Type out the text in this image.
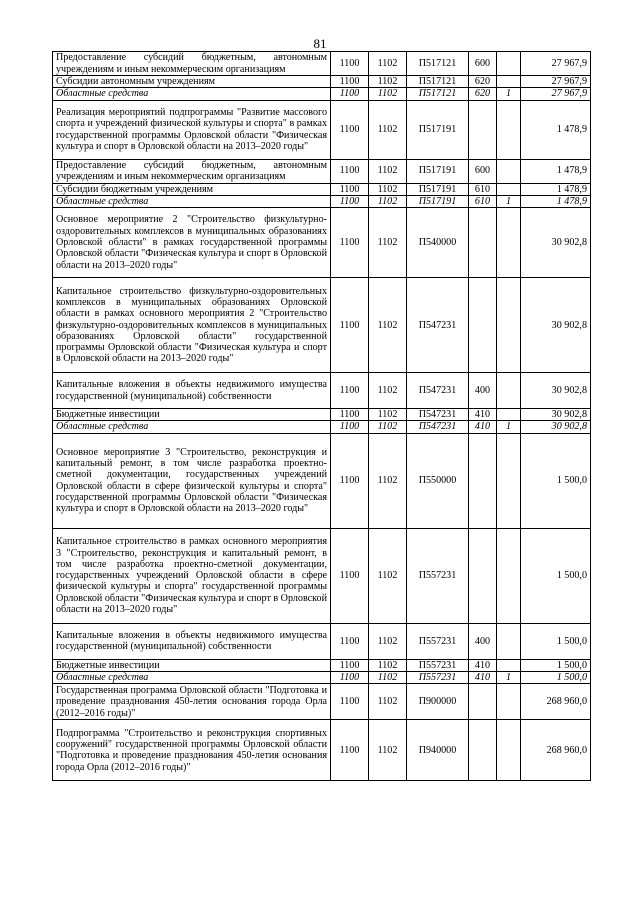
81
Предоставление субсидий бюджетным, автономным учреждениям и иным некоммерческим организациям	1100	1102	П517121	600		27 967,9
Субсидии автономным учреждениям	1100	1102	П517121	620		27 967,9
Областные средства	1100	1102	П517121	620	1	27 967,9
Реализация мероприятий подпрограммы "Развитие массового спорта и учреждений физической культуры и спорта" в рамках государственной программы Орловской области "Физическая культура и спорт в Орловской области на 2013–2020 годы"	1100	1102	П517191			1 478,9
Предоставление субсидий бюджетным, автономным учреждениям и иным некоммерческим организациям	1100	1102	П517191	600		1 478,9
Субсидии бюджетным учреждениям	1100	1102	П517191	610		1 478,9
Областные средства	1100	1102	П517191	610	1	1 478,9
Основное мероприятие 2 "Строительство физкультурно-оздоровительных комплексов в муниципальных образованиях Орловской области" в рамках государственной программы Орловской области "Физическая культура и спорт в Орловской области на 2013–2020 годы"	1100	1102	П540000			30 902,8
Капитальное строительство физкультурно-оздоровительных комплексов в муниципальных образованиях Орловской области в рамках основного мероприятия 2 "Строительство физкультурно-оздоровительных комплексов в муниципальных образованиях Орловской области" государственной программы Орловской области "Физическая культура и спорт в Орловской области на 2013–2020 годы"	1100	1102	П547231			30 902,8
Капитальные вложения в объекты недвижимого имущества государственной (муниципальной) собственности	1100	1102	П547231	400		30 902,8
Бюджетные инвестиции	1100	1102	П547231	410		30 902,8
Областные средства	1100	1102	П547231	410	1	30 902,8
Основное мероприятие 3 "Строительство, реконструкция и капитальный ремонт, в том числе разработка проектно-сметной документации, государственных учреждений Орловской области в сфере физической культуры и спорта" государственной программы Орловской области "Физическая культура и спорт в Орловской области на 2013–2020 годы"	1100	1102	П550000			1 500,0
Капитальное строительство в рамках основного мероприятия 3 "Строительство, реконструкция и капитальный ремонт, в том числе разработка проектно-сметной документации, государственных учреждений Орловской области в сфере физической культуры и спорта" государственной программы Орловской области "Физическая культура и спорт в Орловской области на 2013–2020 годы"	1100	1102	П557231			1 500,0
Капитальные вложения в объекты недвижимого имущества государственной (муниципальной) собственности	1100	1102	П557231	400		1 500,0
Бюджетные инвестиции	1100	1102	П557231	410		1 500,0
Областные средства	1100	1102	П557231	410	1	1 500,0
Государственная программа Орловской области "Подготовка и проведение празднования 450-летия основания города Орла (2012–2016 годы)"	1100	1102	П900000			268 960,0
Подпрограмма "Строительство и реконструкция спортивных сооружений" государственной программы Орловской области "Подготовка и проведение празднования 450-летия основания города Орла (2012–2016 годы)"	1100	1102	П940000			268 960,0
